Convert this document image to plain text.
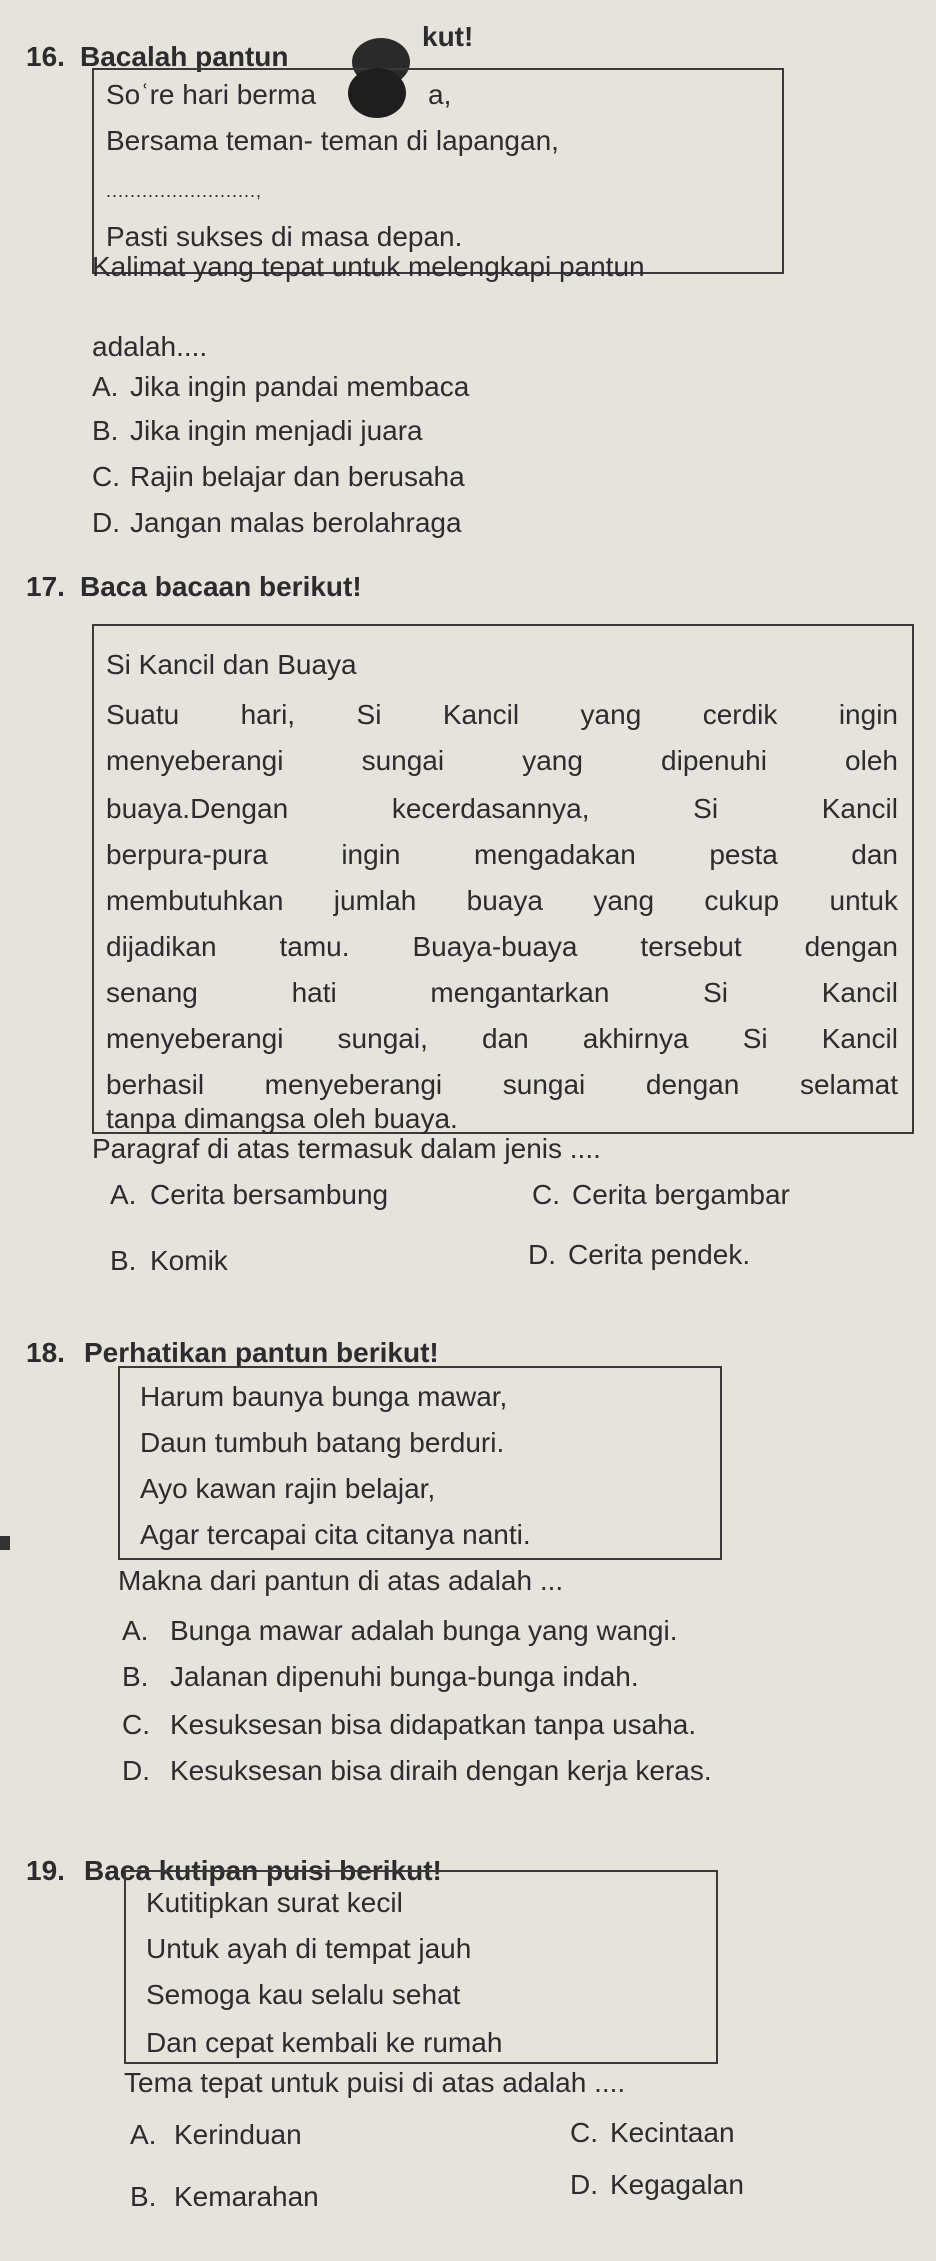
16. Bacalah pantun
kut!
Soʿre hari berma	a,
Bersama teman- teman di lapangan,
.........................,
Pasti sukses di masa depan.
Kalimat yang tepat untuk melengkapi pantun
adalah....
A. Jika ingin pandai membaca
B. Jika ingin menjadi juara
C. Rajin belajar dan berusaha
D. Jangan malas berolahraga
17. Baca bacaan berikut!
Si Kancil dan Buaya
Suatu hari, Si Kancil yang cerdik ingin
menyeberangi sungai yang dipenuhi oleh
buaya.Dengan kecerdasannya, Si Kancil
berpura-pura ingin mengadakan pesta dan
membutuhkan jumlah buaya yang cukup untuk
dijadikan tamu. Buaya-buaya tersebut dengan
senang hati mengantarkan Si Kancil
menyeberangi sungai, dan akhirnya Si Kancil
berhasil menyeberangi sungai dengan selamat
tanpa dimangsa oleh buaya.
Paragraf di atas termasuk dalam jenis ....
A. Cerita bersambung	C. Cerita bergambar
B. Komik	D. Cerita pendek.
18. Perhatikan pantun berikut!
Harum baunya bunga mawar,
Daun tumbuh batang berduri.
Ayo kawan rajin belajar,
Agar tercapai cita citanya nanti.
Makna dari pantun di atas adalah ...
A. Bunga mawar adalah bunga yang wangi.
B. Jalanan dipenuhi bunga-bunga indah.
C. Kesuksesan bisa didapatkan tanpa usaha.
D. Kesuksesan bisa diraih dengan kerja keras.
19. Baca kutipan puisi berikut!
Kutitipkan surat kecil
Untuk ayah di tempat jauh
Semoga kau selalu sehat
Dan cepat kembali ke rumah
Tema tepat untuk puisi di atas adalah ....
A. Kerinduan	C. Kecintaan
B. Kemarahan	D. Kegagalan
